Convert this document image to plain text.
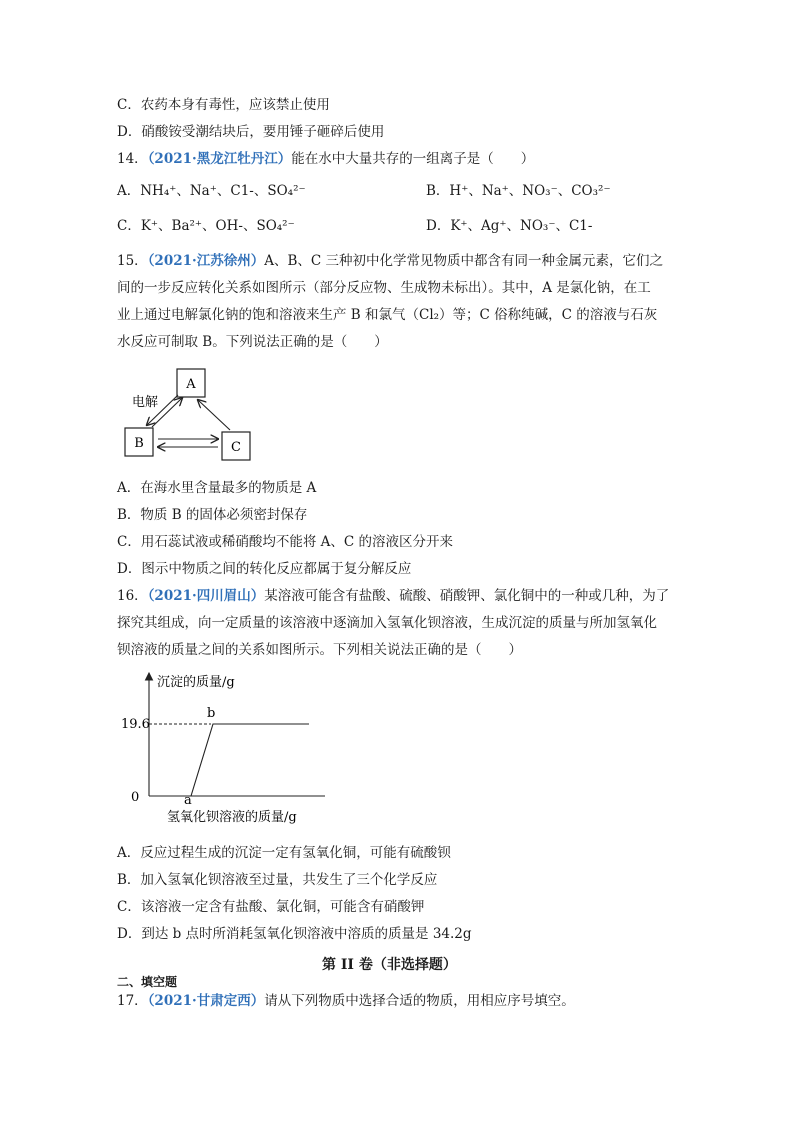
C．农药本身有毒性，应该禁止使用
D．硝酸铵受潮结块后，要用锤子砸碎后使用
14．（2021·黑龙江牡丹江）能在水中大量共存的一组离子是（　　）
A．NH₄⁺、Na⁺、C1-、SO₄²⁻	B．H⁺、Na⁺、NO₃⁻、CO₃²⁻
C．K⁺、Ba²⁺、OH-、SO₄²⁻	D．K⁺、Ag⁺、NO₃⁻、C1-
15．（2021·江苏徐州）A、B、C 三种初中化学常见物质中都含有同一种金属元素，它们之
间的一步反应转化关系如图所示（部分反应物、生成物未标出）。其中，A 是氯化钠，在工
业上通过电解氯化钠的饱和溶液来生产 B 和氯气（Cl₂）等；C 俗称纯碱，C 的溶液与石灰
水反应可制取 B。下列说法正确的是（　　）
A
B	C
电解
A．在海水里含量最多的物质是 A
B．物质 B 的固体必须密封保存
C．用石蕊试液或稀硝酸均不能将 A、C 的溶液区分开来
D．图示中物质之间的转化反应都属于复分解反应
16．（2021·四川眉山）某溶液可能含有盐酸、硫酸、硝酸钾、氯化铜中的一种或几种，为了
探究其组成，向一定质量的该溶液中逐滴加入氢氧化钡溶液，生成沉淀的质量与所加氢氧化
钡溶液的质量之间的关系如图所示。下列相关说法正确的是（　　）
沉淀的质量/g
19.6
0	a
b
氢氧化钡溶液的质量/g
A．反应过程生成的沉淀一定有氢氧化铜，可能有硫酸钡
B．加入氢氧化钡溶液至过量，共发生了三个化学反应
C．该溶液一定含有盐酸、氯化铜，可能含有硝酸钾
D．到达 b 点时所消耗氢氧化钡溶液中溶质的质量是 34.2g
第 II 卷（非选择题）
二、填空题
17．（2021·甘肃定西）请从下列物质中选择合适的物质，用相应序号填空。
